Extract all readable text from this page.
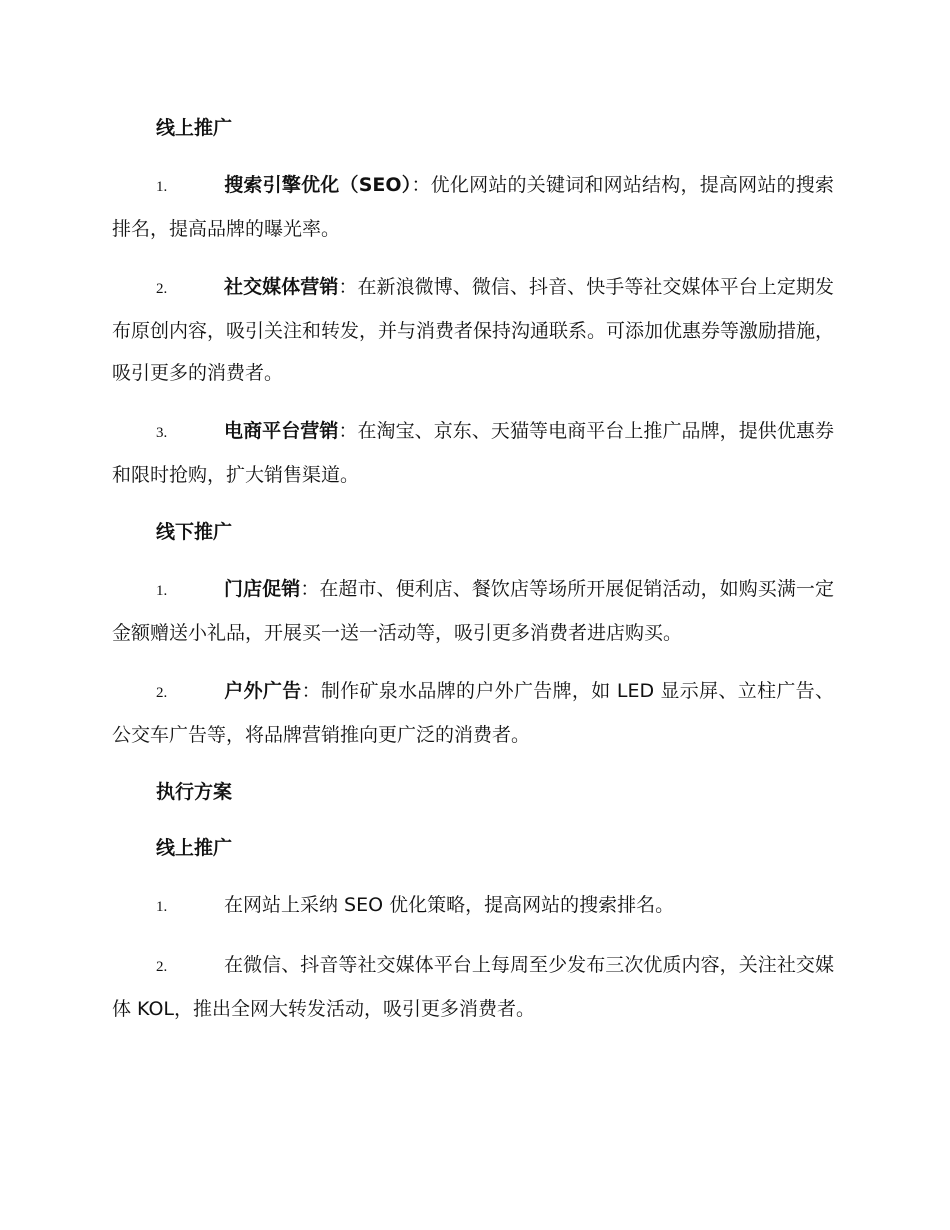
线上推广

1.	搜索引擎优化（SEO）：优化网站的关键词和网站结构，提高网站的搜索排名，提高品牌的曝光率。

2.	社交媒体营销：在新浪微博、微信、抖音、快手等社交媒体平台上定期发布原创内容，吸引关注和转发，并与消费者保持沟通联系。可添加优惠券等激励措施，吸引更多的消费者。

3.	电商平台营销：在淘宝、京东、天猫等电商平台上推广品牌，提供优惠券和限时抢购，扩大销售渠道。

线下推广

1.	门店促销：在超市、便利店、餐饮店等场所开展促销活动，如购买满一定金额赠送小礼品，开展买一送一活动等，吸引更多消费者进店购买。

2.	户外广告：制作矿泉水品牌的户外广告牌，如 LED 显示屏、立柱广告、公交车广告等，将品牌营销推向更广泛的消费者。

执行方案
线上推广

1.	在网站上采纳 SEO 优化策略，提高网站的搜索排名。

2.	在微信、抖音等社交媒体平台上每周至少发布三次优质内容，关注社交媒体 KOL，推出全网大转发活动，吸引更多消费者。
